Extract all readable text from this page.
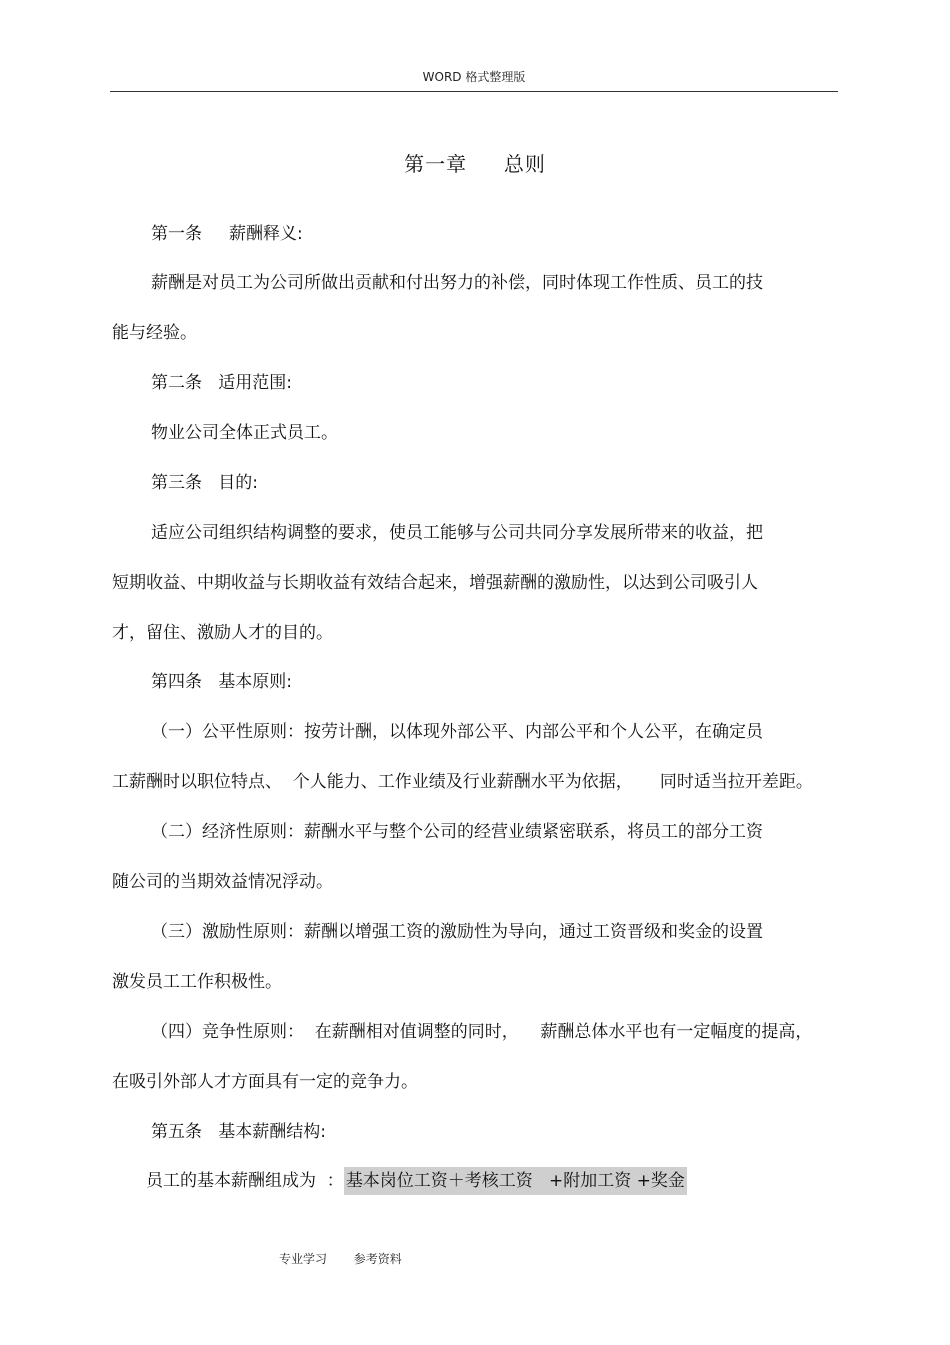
WORD 格式整理版
第一章     总则
第一条     薪酬释义:
薪酬是对员工为公司所做出贡献和付出努力的补偿，同时体现工作性质、员工的技
能与经验。
第二条   适用范围:
物业公司全体正式员工。
第三条   目的:
适应公司组织结构调整的要求，使员工能够与公司共同分享发展所带来的收益，把
短期收益、中期收益与长期收益有效结合起来，增强薪酬的激励性，以达到公司吸引人
才，留住、激励人才的目的。
第四条   基本原则:
（一）公平性原则：按劳计酬，以体现外部公平、内部公平和个人公平，在确定员
工薪酬时以职位特点、  个人能力、工作业绩及行业薪酬水平为依据，     同时适当拉开差距。
（二）经济性原则：薪酬水平与整个公司的经营业绩紧密联系，将员工的部分工资
随公司的当期效益情况浮动。
（三）激励性原则：薪酬以增强工资的激励性为导向，通过工资晋级和奖金的设置
激发员工工作积极性。
（四）竞争性原则：  在薪酬相对值调整的同时，    薪酬总体水平也有一定幅度的提高，
在吸引外部人才方面具有一定的竞争力。
第五条   基本薪酬结构:
员工的基本薪酬组成为  ： 基本岗位工资＋考核工资   +附加工资 +奖金
专业学习       参考资料
